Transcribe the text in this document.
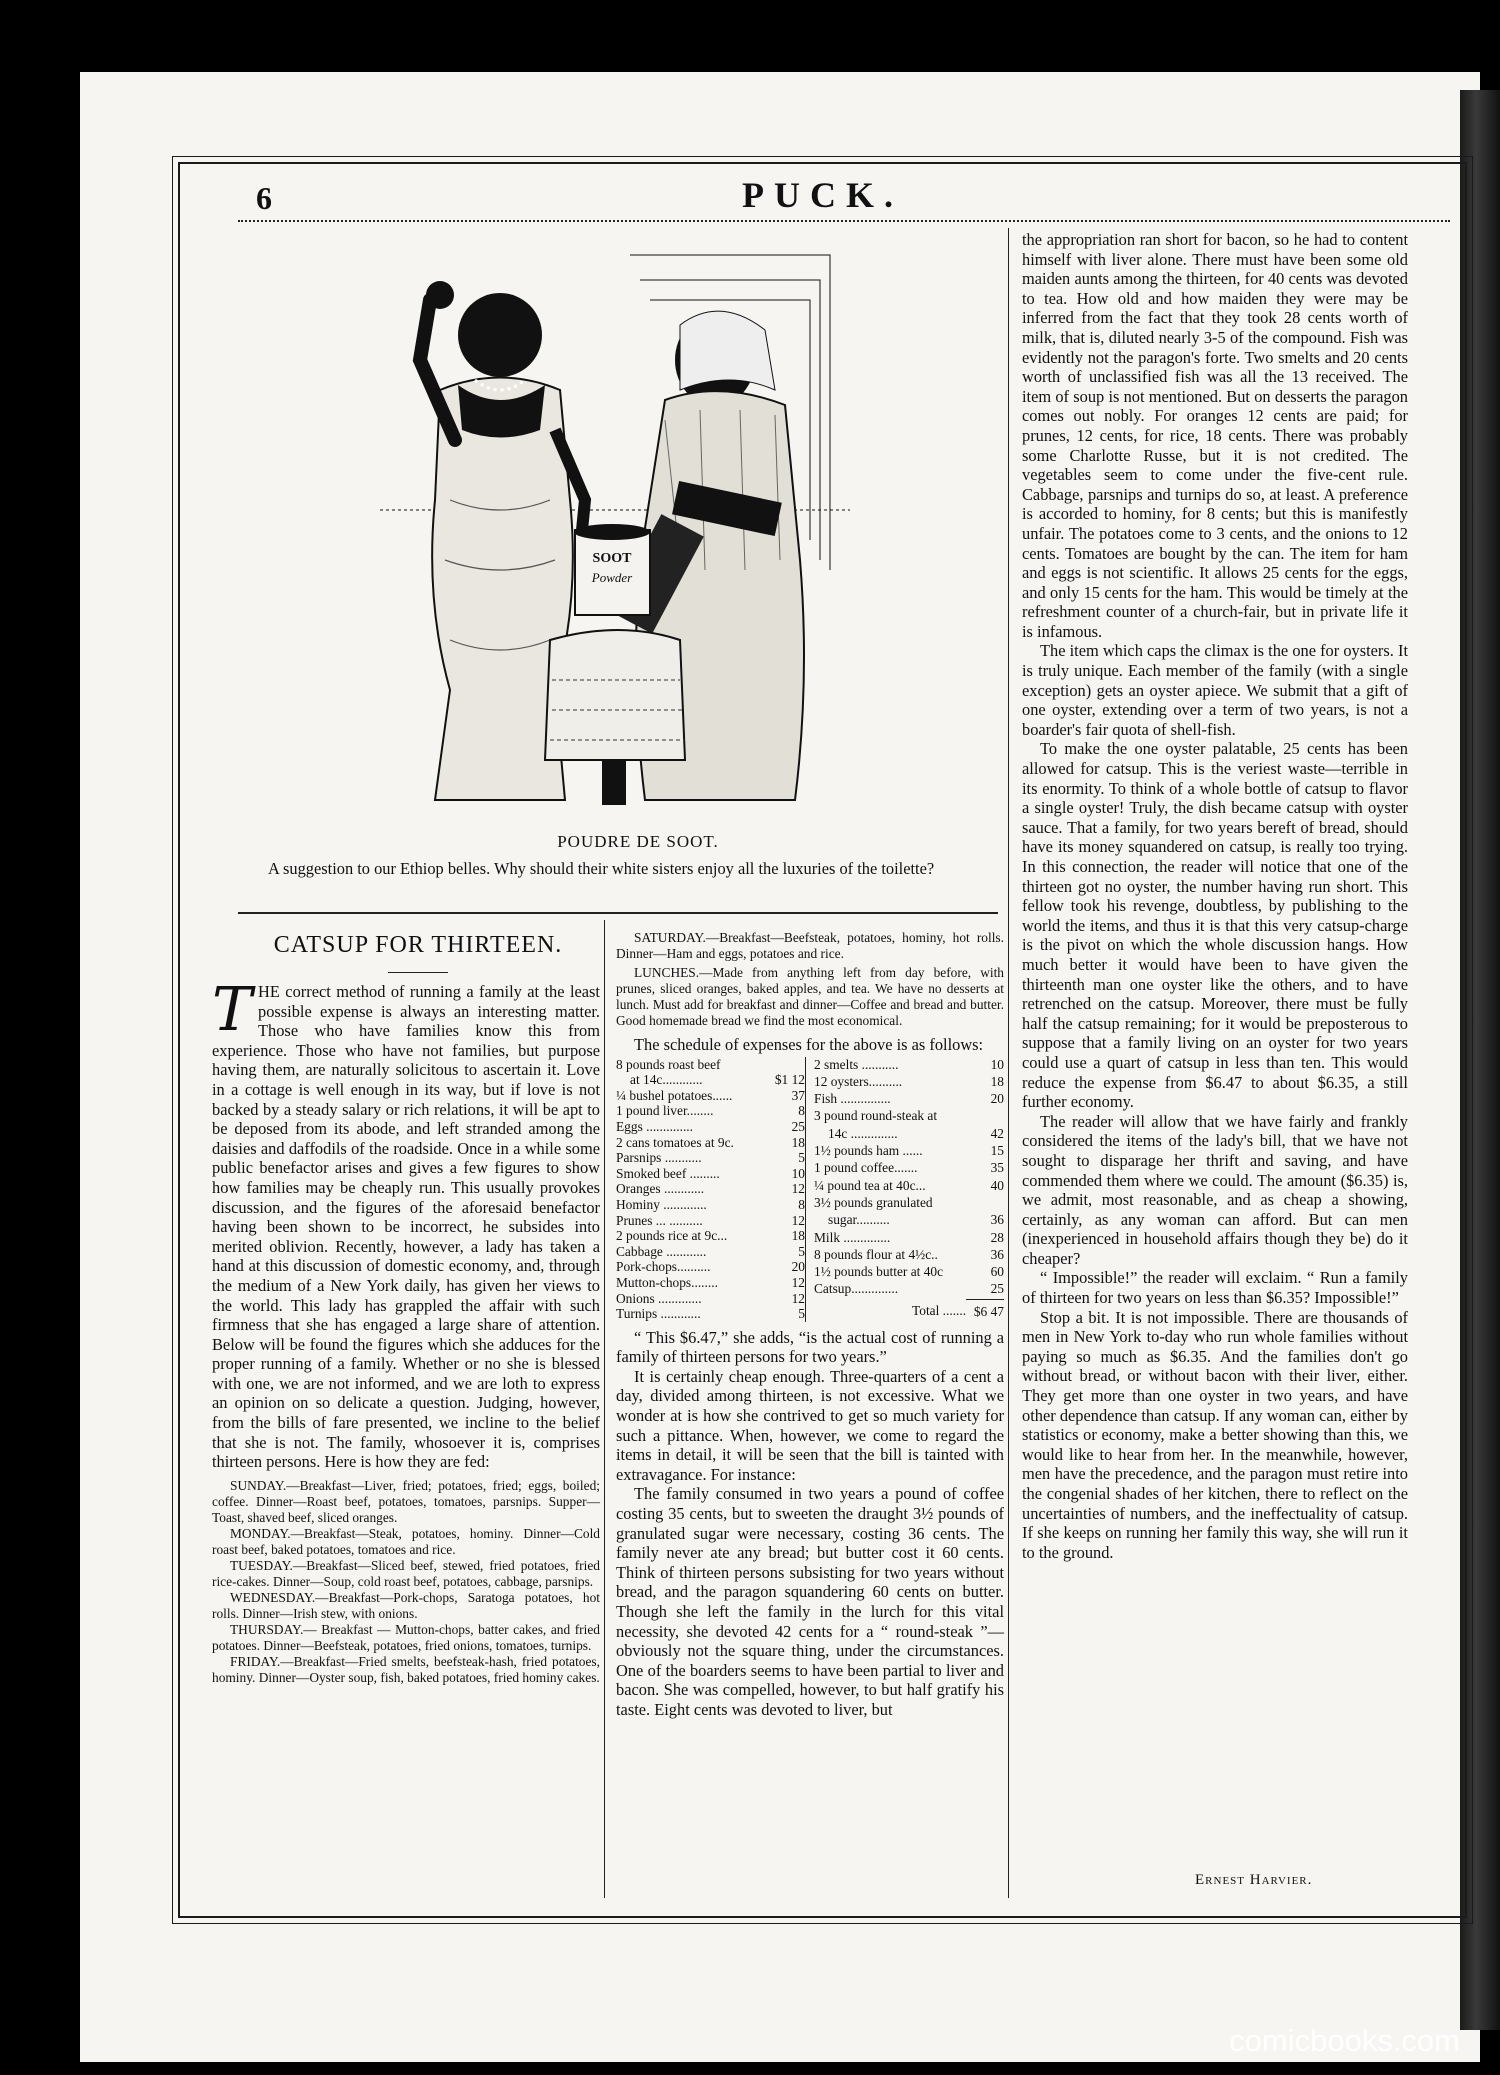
6	PUCK.
SOOT
Powder
POUDRE DE SOOT.
A suggestion to our Ethiop belles. Why should their white sisters enjoy all the luxuries of the toilette?
CATSUP FOR THIRTEEN.

THE correct method of running a family at the least possible expense is always an interesting matter. Those who have families know this from experience. Those who have not families, but purpose having them, are naturally solicitous to ascertain it. Love in a cottage is well enough in its way, but if love is not backed by a steady salary or rich relations, it will be apt to be deposed from its abode, and left stranded among the daisies and daffodils of the roadside. Once in a while some public benefactor arises and gives a few figures to show how families may be cheaply run. This usually provokes discussion, and the figures of the aforesaid benefactor having been shown to be incorrect, he subsides into merited oblivion. Recently, however, a lady has taken a hand at this discussion of domestic economy, and, through the medium of a New York daily, has given her views to the world. This lady has grappled the affair with such firmness that she has engaged a large share of attention. Below will be found the figures which she adduces for the proper running of a family. Whether or no she is blessed with one, we are not informed, and we are loth to express an opinion on so delicate a question. Judging, however, from the bills of fare presented, we incline to the belief that she is not. The family, whosoever it is, comprises thirteen persons. Here is how they are fed:

SUNDAY.—Breakfast—Liver, fried; potatoes, fried; eggs, boiled; coffee. Dinner—Roast beef, potatoes, tomatoes, parsnips. Supper—Toast, shaved beef, sliced oranges.

MONDAY.—Breakfast—Steak, potatoes, hominy. Dinner—Cold roast beef, baked potatoes, tomatoes and rice.

TUESDAY.—Breakfast—Sliced beef, stewed, fried potatoes, fried rice-cakes. Dinner—Soup, cold roast beef, potatoes, cabbage, parsnips.

WEDNESDAY.—Breakfast—Pork-chops, Saratoga potatoes, hot rolls. Dinner—Irish stew, with onions.

THURSDAY.— Breakfast — Mutton-chops, batter cakes, and fried potatoes. Dinner—Beefsteak, potatoes, fried onions, tomatoes, turnips.

FRIDAY.—Breakfast—Fried smelts, beefsteak-hash, fried potatoes, hominy. Dinner—Oyster soup, fish, baked potatoes, fried hominy cakes.

SATURDAY.—Breakfast—Beefsteak, potatoes, hominy, hot rolls. Dinner—Ham and eggs, potatoes and rice.

LUNCHES.—Made from anything left from day before, with prunes, sliced oranges, baked apples, and tea. We have no desserts at lunch. Must add for breakfast and dinner—Coffee and bread and butter. Good homemade bread we find the most economical.

The schedule of expenses for the above is as follows:

8 pounds roast beef	
at 14c............	$1 12
¼ bushel potatoes......	37
1 pound liver........	8
Eggs ..............	25
2 cans tomatoes at 9c.	18
Parsnips ...........	5
Smoked beef .........	10
Oranges ............	12
Hominy .............	8
Prunes ... ..........	12
2 pounds rice at 9c...	18
Cabbage ............	5
Pork-chops..........	20
Mutton-chops........	12
Onions .............	12
Turnips ............	5
2 smelts ...........	10
12 oysters..........	18
Fish ...............	20
3 pound round-steak at	
14c ..............	42
1½ pounds ham ......	15
1 pound coffee.......	35
¼ pound tea at 40c...	40
3½ pounds granulated	
sugar..........	36
Milk ..............	28
8 pounds flour at 4½c..	36
1½ pounds butter at 40c	60
Catsup..............	25
Total .......	$6 47

“ This $6.47,” she adds, “is the actual cost of running a family of thirteen persons for two years.”

It is certainly cheap enough. Three-quarters of a cent a day, divided among thirteen, is not excessive. What we wonder at is how she contrived to get so much variety for such a pittance. When, however, we come to regard the items in detail, it will be seen that the bill is tainted with extravagance. For instance:

The family consumed in two years a pound of coffee costing 35 cents, but to sweeten the draught 3½ pounds of granulated sugar were necessary, costing 36 cents. The family never ate any bread; but butter cost it 60 cents. Think of thirteen persons subsisting for two years without bread, and the paragon squandering 60 cents on butter. Though she left the family in the lurch for this vital necessity, she devoted 42 cents for a “ round-steak ”—obviously not the square thing, under the circumstances. One of the boarders seems to have been partial to liver and bacon. She was compelled, however, to but half gratify his taste. Eight cents was devoted to liver, but

the appropriation ran short for bacon, so he had to content himself with liver alone. There must have been some old maiden aunts among the thirteen, for 40 cents was devoted to tea. How old and how maiden they were may be inferred from the fact that they took 28 cents worth of milk, that is, diluted nearly 3-5 of the compound. Fish was evidently not the paragon's forte. Two smelts and 20 cents worth of unclassified fish was all the 13 received. The item of soup is not mentioned. But on desserts the paragon comes out nobly. For oranges 12 cents are paid; for prunes, 12 cents, for rice, 18 cents. There was probably some Charlotte Russe, but it is not credited. The vegetables seem to come under the five-cent rule. Cabbage, parsnips and turnips do so, at least. A preference is accorded to hominy, for 8 cents; but this is manifestly unfair. The potatoes come to 3 cents, and the onions to 12 cents. Tomatoes are bought by the can. The item for ham and eggs is not scientific. It allows 25 cents for the eggs, and only 15 cents for the ham. This would be timely at the refreshment counter of a church-fair, but in private life it is infamous.

The item which caps the climax is the one for oysters. It is truly unique. Each member of the family (with a single exception) gets an oyster apiece. We submit that a gift of one oyster, extending over a term of two years, is not a boarder's fair quota of shell-fish.

To make the one oyster palatable, 25 cents has been allowed for catsup. This is the veriest waste—terrible in its enormity. To think of a whole bottle of catsup to flavor a single oyster! Truly, the dish became catsup with oyster sauce. That a family, for two years bereft of bread, should have its money squandered on catsup, is really too trying. In this connection, the reader will notice that one of the thirteen got no oyster, the number having run short. This fellow took his revenge, doubtless, by publishing to the world the items, and thus it is that this very catsup-charge is the pivot on which the whole discussion hangs. How much better it would have been to have given the thirteenth man one oyster like the others, and to have retrenched on the catsup. Moreover, there must be fully half the catsup remaining; for it would be preposterous to suppose that a family living on an oyster for two years could use a quart of catsup in less than ten. This would reduce the expense from $6.47 to about $6.35, a still further economy.

The reader will allow that we have fairly and frankly considered the items of the lady's bill, that we have not sought to disparage her thrift and saving, and have commended them where we could. The amount ($6.35) is, we admit, most reasonable, and as cheap a showing, certainly, as any woman can afford. But can men (inexperienced in household affairs though they be) do it cheaper?

“ Impossible!” the reader will exclaim. “ Run a family of thirteen for two years on less than $6.35? Impossible!”

Stop a bit. It is not impossible. There are thousands of men in New York to-day who run whole families without paying so much as $6.35. And the families don't go without bread, or without bacon with their liver, either. They get more than one oyster in two years, and have other dependence than catsup. If any woman can, either by statistics or economy, make a better showing than this, we would like to hear from her. In the meanwhile, however, men have the precedence, and the paragon must retire into the congenial shades of her kitchen, there to reflect on the uncertainties of numbers, and the ineffectuality of catsup. If she keeps on running her family this way, she will run it to the ground.

Ernest Harvier.
comicbooks.com
